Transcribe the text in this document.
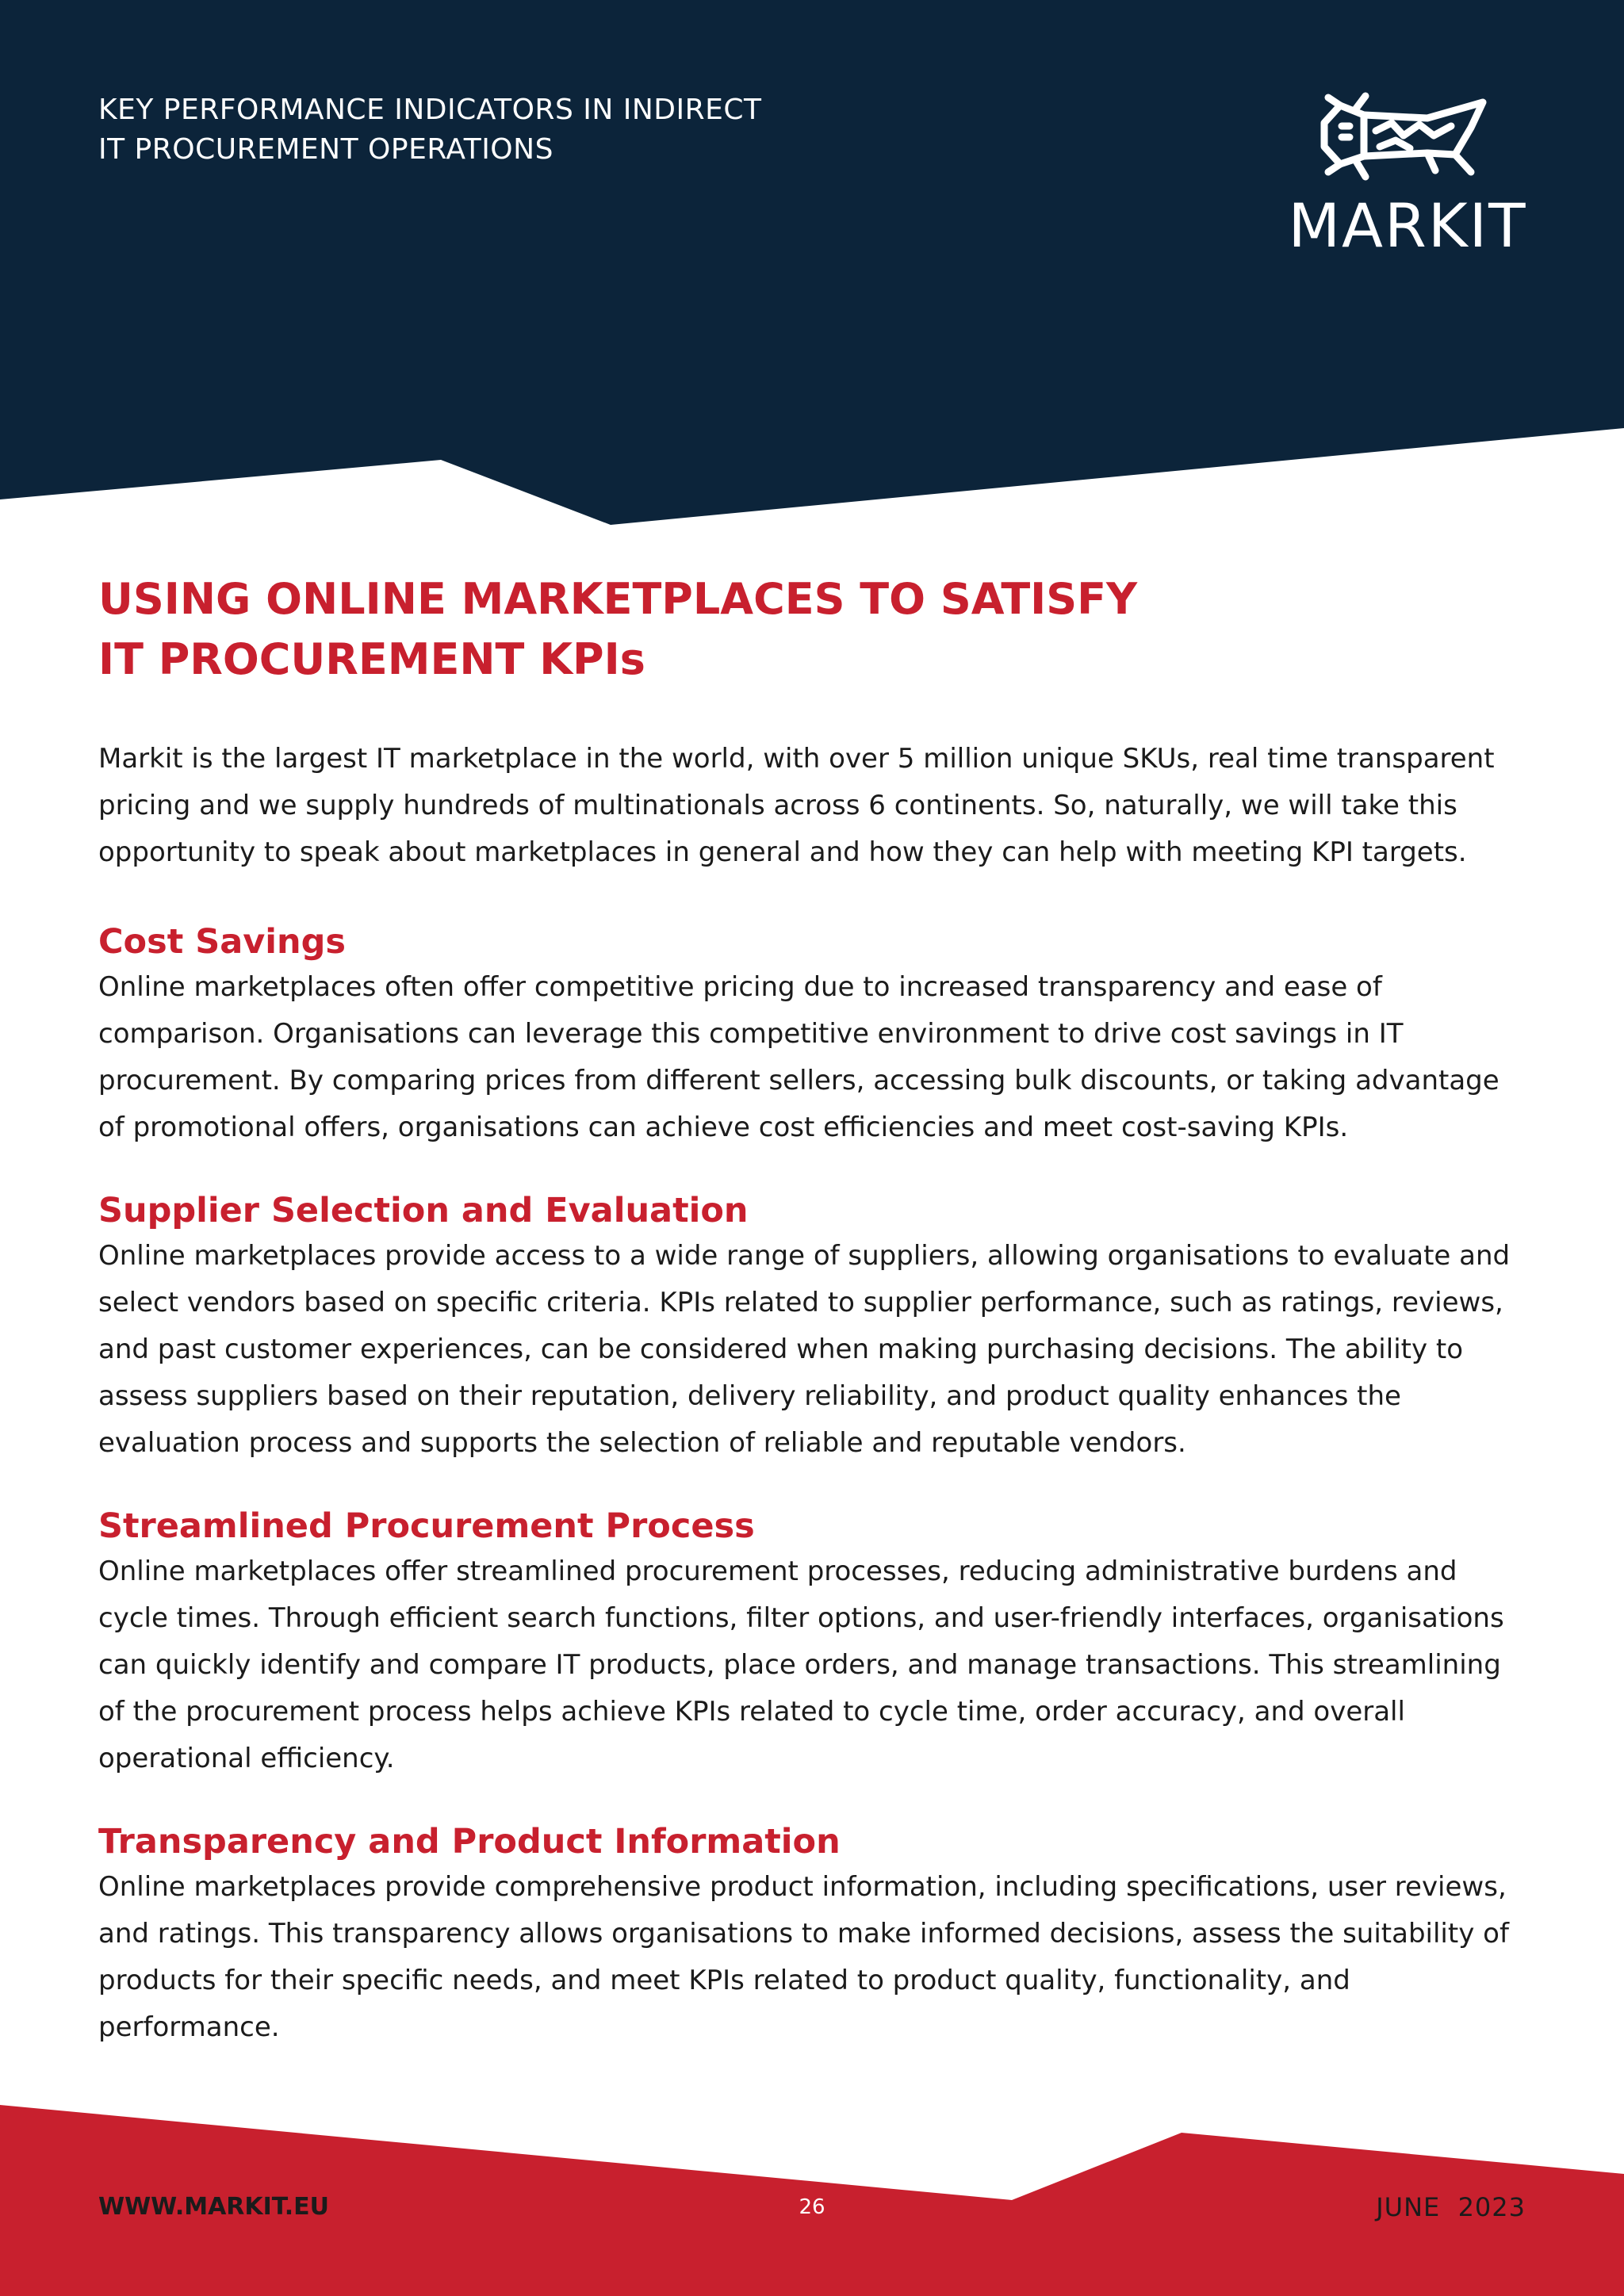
KEY PERFORMANCE INDICATORS IN INDIRECT
IT PROCUREMENT OPERATIONS
MARKIT
USING ONLINE MARKETPLACES TO SATISFY
IT PROCUREMENT KPIs

Markit is the largest IT marketplace in the world, with over 5 million unique SKUs, real time transparent pricing and we supply hundreds of multinationals across 6 continents. So, naturally, we will take this opportunity to speak about marketplaces in general and how they can help with meeting KPI targets.

Cost Savings

Online marketplaces often offer competitive pricing due to increased transparency and ease of comparison. Organisations can leverage this competitive environment to drive cost savings in IT procurement. By comparing prices from different sellers, accessing bulk discounts, or taking advantage of promotional offers, organisations can achieve cost efficiencies and meet cost-saving KPIs.

Supplier Selection and Evaluation

Online marketplaces provide access to a wide range of suppliers, allowing organisations to evaluate and select vendors based on specific criteria. KPIs related to supplier performance, such as ratings, reviews, and past customer experiences, can be considered when making purchasing decisions. The ability to assess suppliers based on their reputation, delivery reliability, and product quality enhances the evaluation process and supports the selection of reliable and reputable vendors.

Streamlined Procurement Process

Online marketplaces offer streamlined procurement processes, reducing administrative burdens and cycle times. Through efficient search functions, filter options, and user-friendly interfaces, organisations can quickly identify and compare IT products, place orders, and manage transactions. This streamlining of the procurement process helps achieve KPIs related to cycle time, order accuracy, and overall operational efficiency.

Transparency and Product Information

Online marketplaces provide comprehensive product information, including specifications, user reviews, and ratings. This transparency allows organisations to make informed decisions, assess the suitability of products for their specific needs, and meet KPIs related to product quality, functionality, and performance.

WWW.MARKIT.EU	26	JUNE  2023
